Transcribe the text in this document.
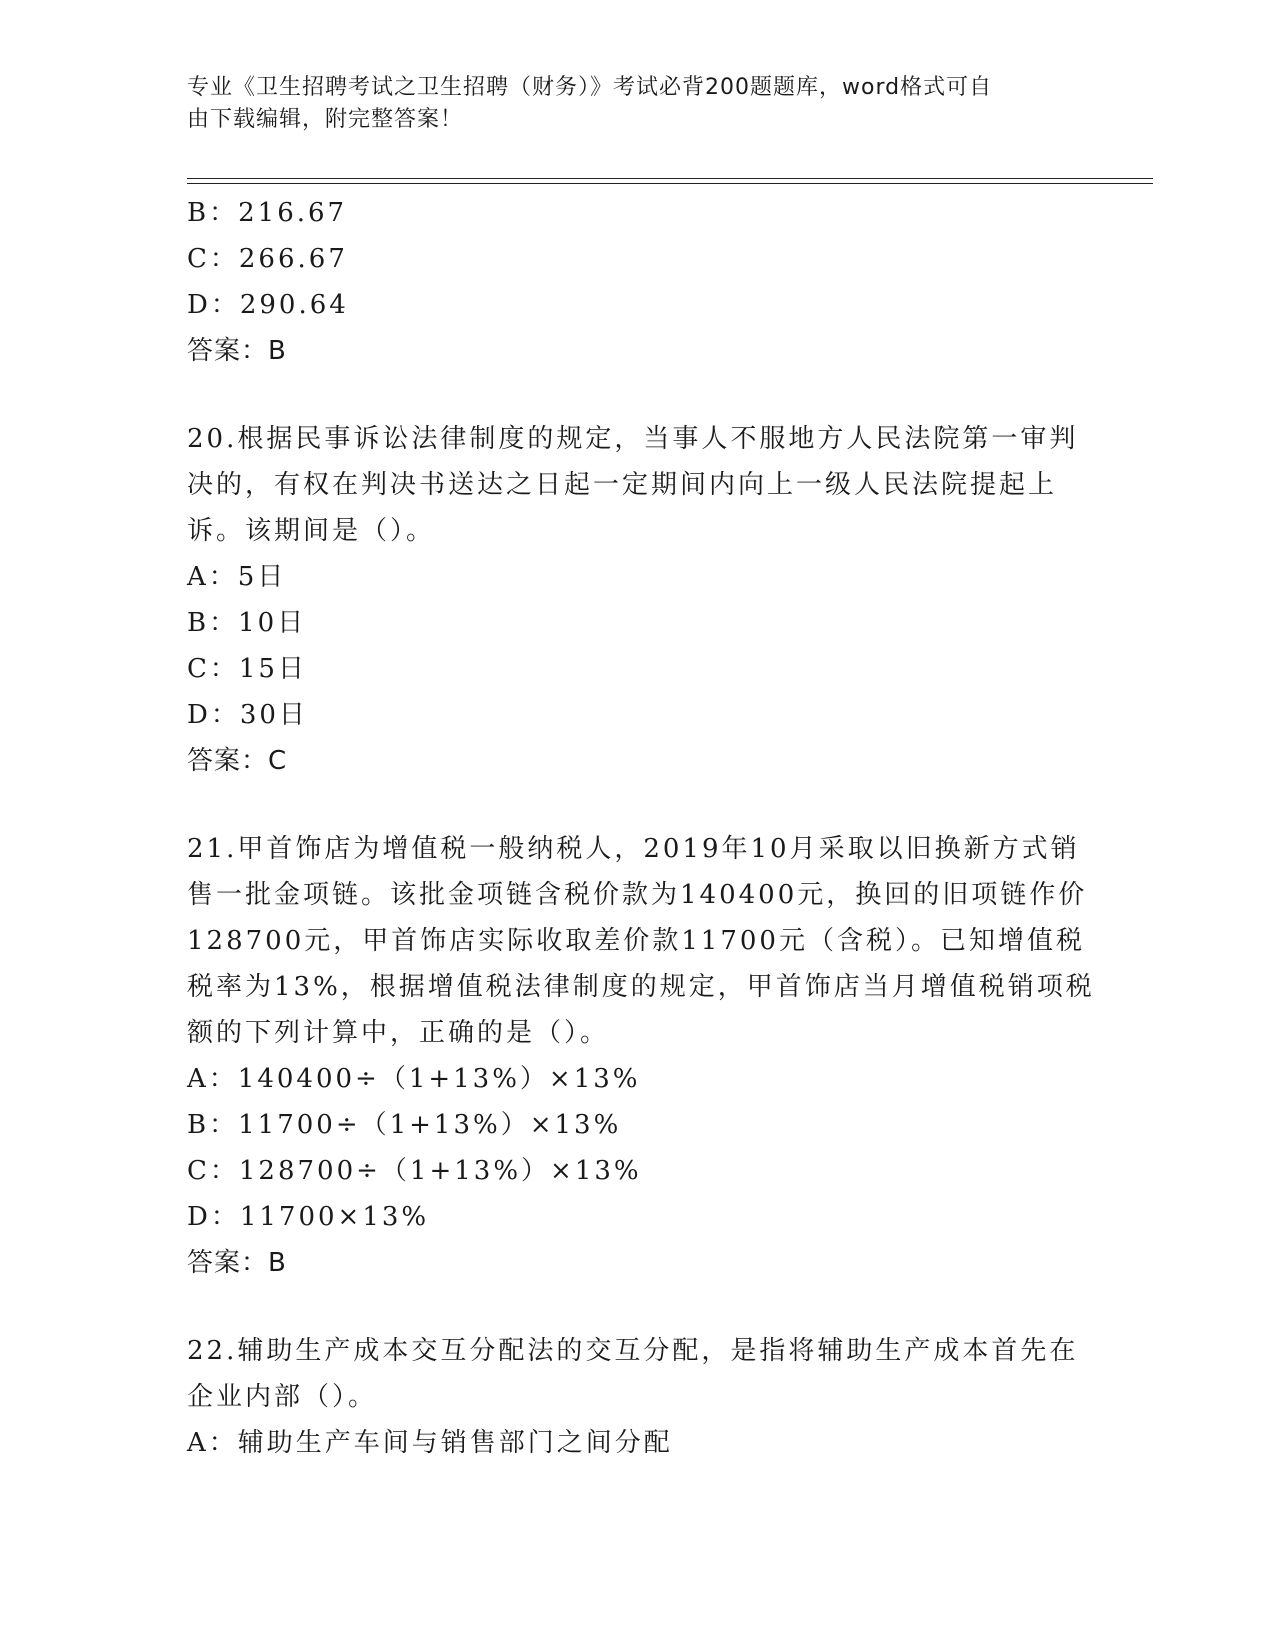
专业《卫生招聘考试之卫生招聘（财务）》考试必背200题题库，word格式可自
由下载编辑，附完整答案！
B：216.67
C：266.67
D：290.64
答案：B
20.根据民事诉讼法律制度的规定，当事人不服地方人民法院第一审判
决的，有权在判决书送达之日起一定期间内向上一级人民法院提起上
诉。该期间是（）。
A：5日
B：10日
C：15日
D：30日
答案：C
21.甲首饰店为增值税一般纳税人，2019年10月采取以旧换新方式销
售一批金项链。该批金项链含税价款为140400元，换回的旧项链作价
128700元，甲首饰店实际收取差价款11700元（含税）。已知增值税
税率为13%，根据增值税法律制度的规定，甲首饰店当月增值税销项税
额的下列计算中，正确的是（）。
A：140400÷（1+13%）×13%
B：11700÷（1+13%）×13%
C：128700÷（1+13%）×13%
D：11700×13%
答案：B
22.辅助生产成本交互分配法的交互分配，是指将辅助生产成本首先在
企业内部（）。
A：辅助生产车间与销售部门之间分配
